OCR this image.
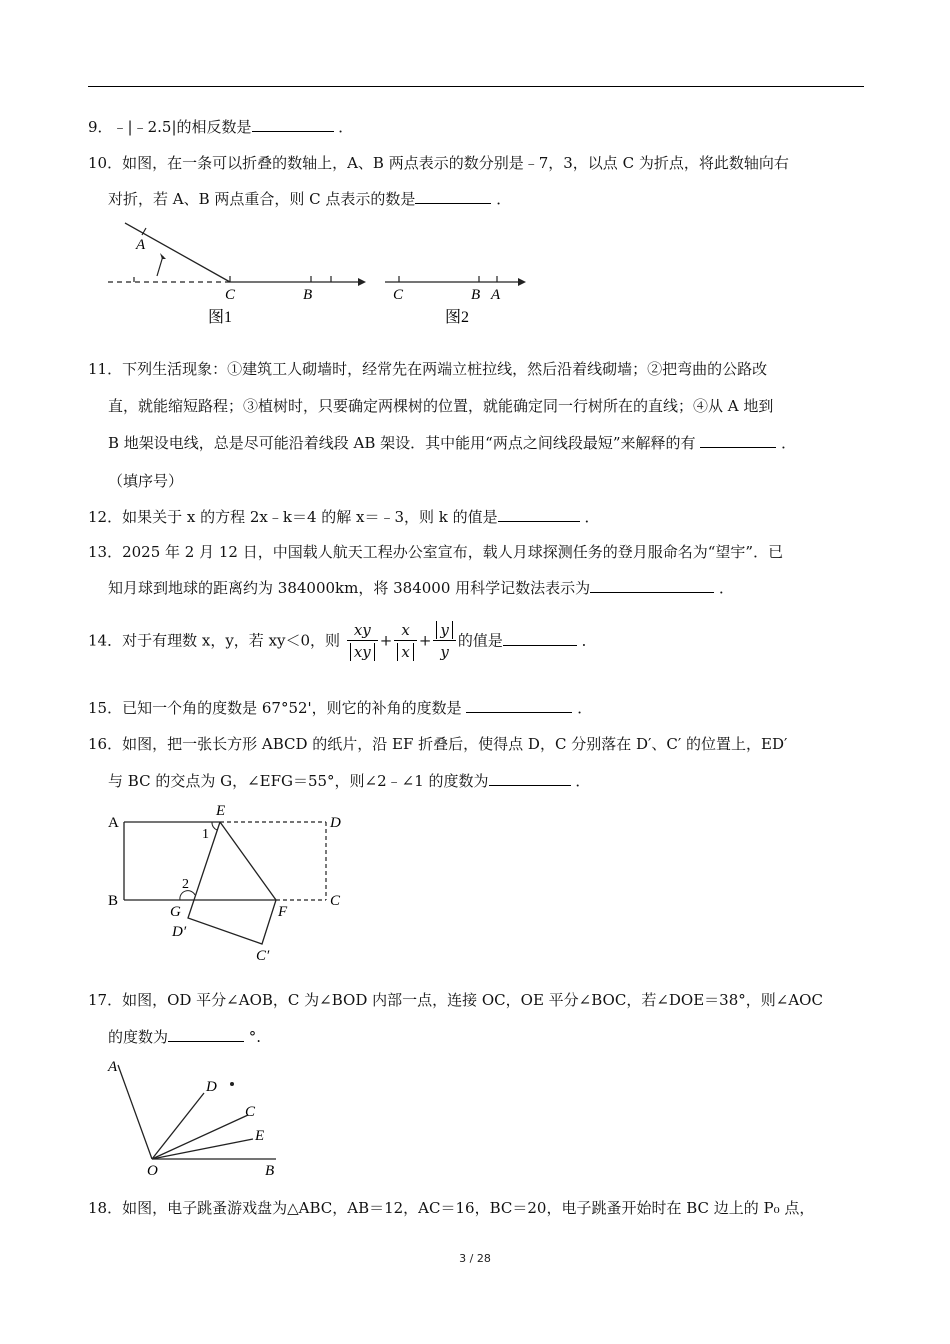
9．﹣|﹣2.5|的相反数是	．
10．如图，在一条可以折叠的数轴上，A、B 两点表示的数分别是﹣7，3，以点 C 为折点，将此数轴向右
对折，若 A、B 两点重合，则 C 点表示的数是	．
A
C	B
图1
C	B A
图2
11．下列生活现象：①建筑工人砌墙时，经常先在两端立桩拉线，然后沿着线砌墙；②把弯曲的公路改
直，就能缩短路程；③植树时，只要确定两棵树的位置，就能确定同一行树所在的直线；④从 A 地到
B 地架设电线，总是尽可能沿着线段 AB 架设．其中能用“两点之间线段最短”来解释的有	．
（填序号）
12．如果关于 x 的方程 2x﹣k＝4 的解 x＝﹣3，则 k 的值是	．
13．2025 年 2 月 12 日，中国载人航天工程办公室宣布，载人月球探测任务的登月服命名为“望宇”．已
知月球到地球的距离约为 384000km，将 384000 用科学记数法表示为	．
14．对于有理数 x，y，若 xy＜0，则 $\frac{xy}{xy} + \frac{x}{x} + \frac{y}{y}$ 的值是	．
15．已知一个角的度数是 67°52'，则它的补角的度数是	．
16．如图，把一张长方形 ABCD 的纸片，沿 EF 折叠后，使得点 D，C 分别落在 D′、C′ 的位置上，ED′
与 BC 的交点为 G，∠EFG＝55°，则∠2﹣∠1 的度数为	．
A
E
D
1
2
B
G	F
C
D′
C′
17．如图，OD 平分∠AOB，C 为∠BOD 内部一点，连接 OC，OE 平分∠BOC，若∠DOE＝38°，则∠AOC
的度数为	°.
A
D
C
E
O	B
18．如图，电子跳蚤游戏盘为△ABC，AB＝12，AC＝16，BC＝20，电子跳蚤开始时在 BC 边上的 P₀ 点，
3 / 28
